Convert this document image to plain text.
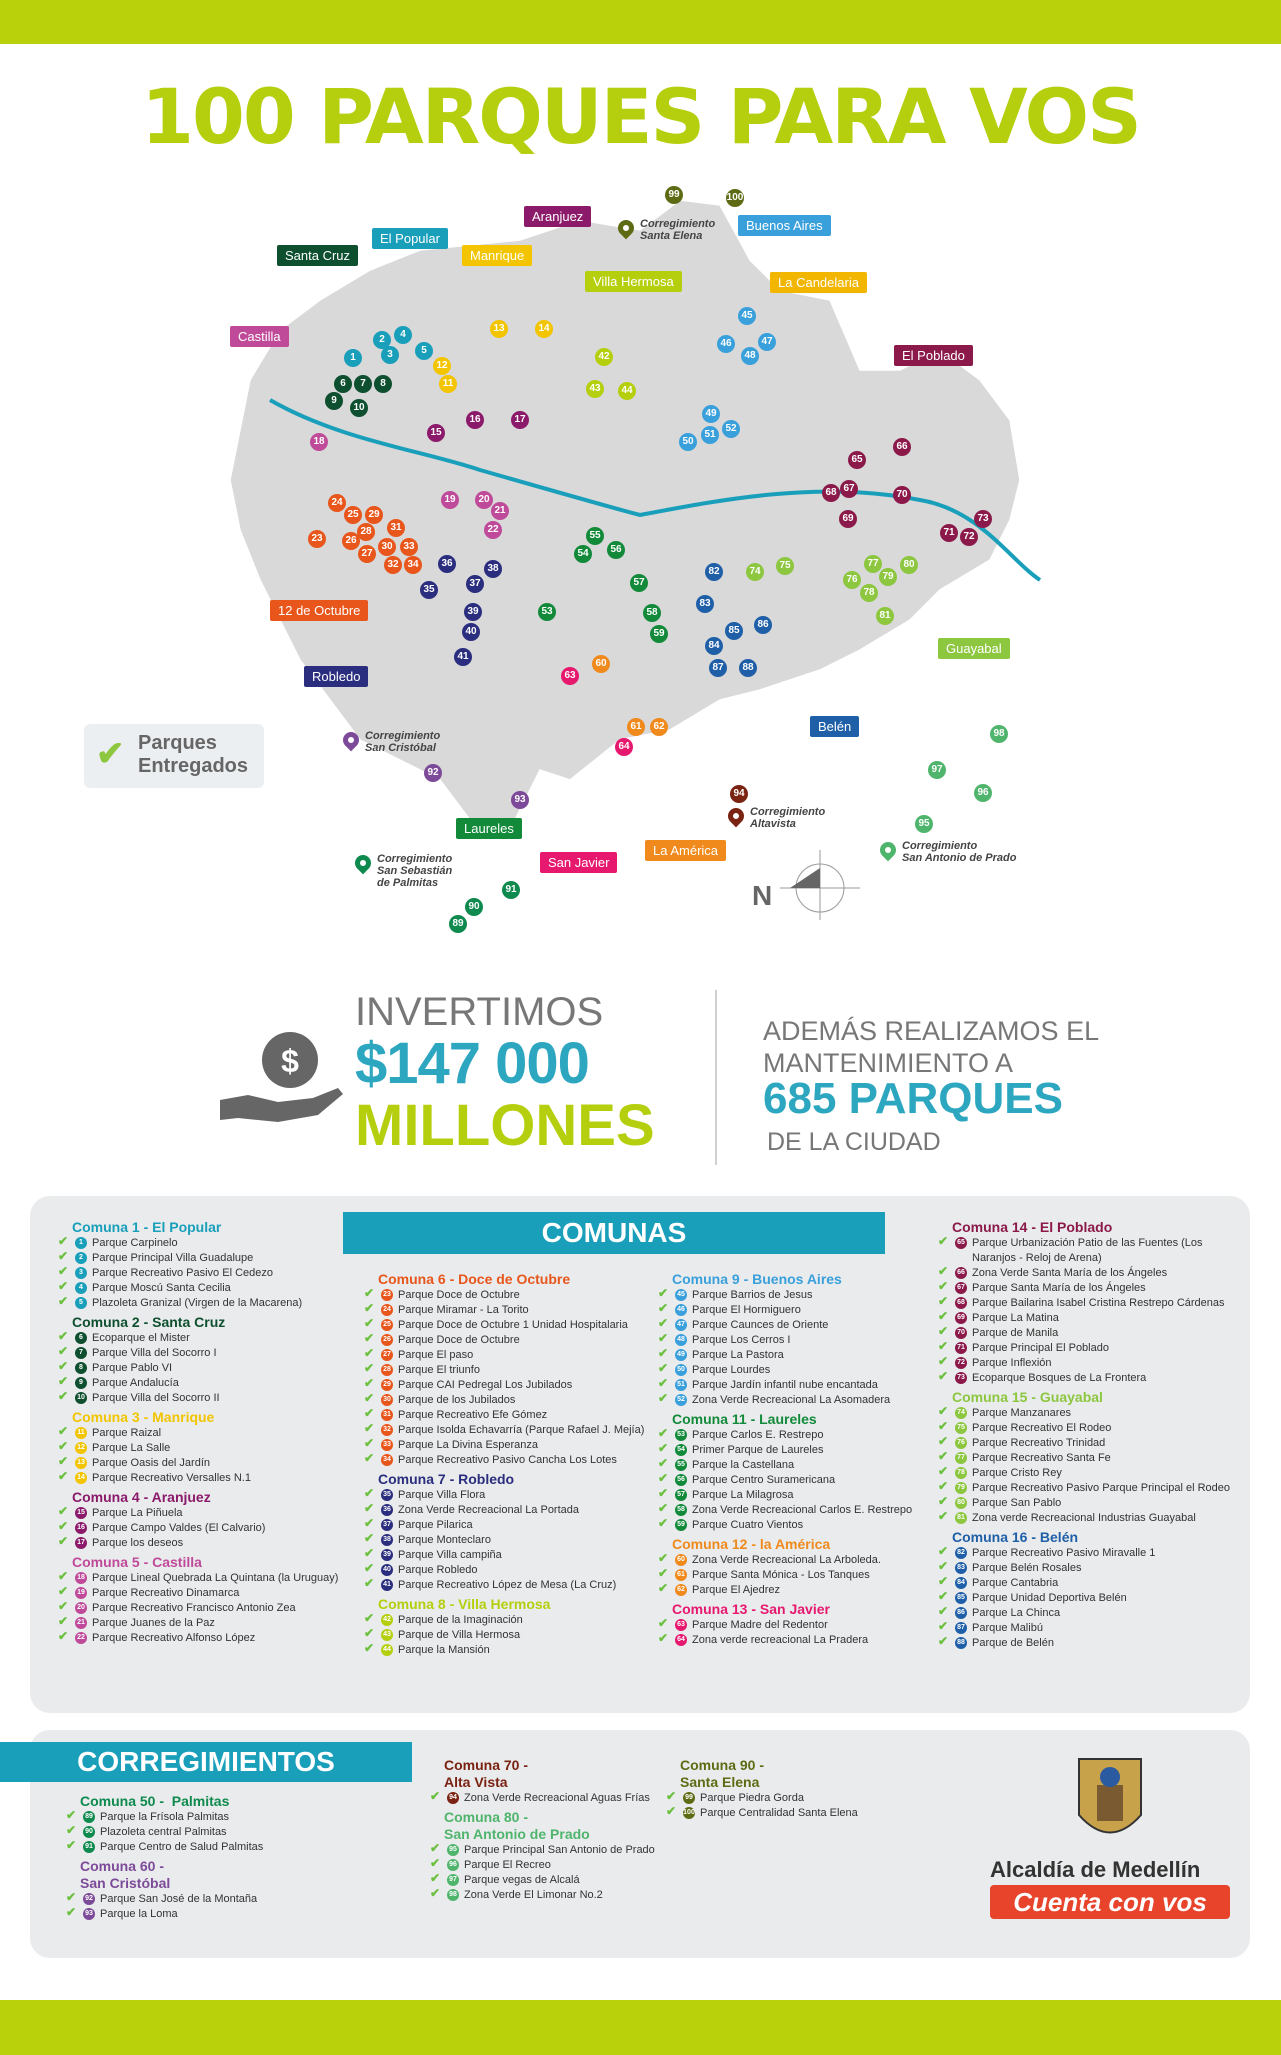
100 PARQUES PARA VOS
Aranjuez
El Popular
Santa Cruz	Manrique
Buenos Aires
Villa Hermosa	La Candelaria
Castilla
El Poblado
12 de Octubre
Guayabal
Robledo
Belén
Laureles
San Javier
La América
Corregimiento
Santa Elena
Corregimiento
San Cristóbal
Corregimiento
Altavista
Corregimiento
San Sebastián
de Palmitas
Corregimiento
San Antonio de Prado
1
2
3
4
5
6	7	8
9
10
11
12
13	14
15
16	17
18
19	20
21
22
23
24
25
26
27
28
29
30
31
32
33
34
35
36
37
38
39
40
41
42
43	44
45
46	47
48
49
50
51
52
53
54
55
56
57
58
59
60
61	62
63
64
65
66
67
68
69
70
71 72
73
74
75
76
77
78
79
80
81
82
83
84
85
86
87	88
89
90
91
92
93
94
95
96
97
98
99	100
✔ Parques
Entregados
N
$
INVERTIMOS
$147 000
MILLONES
ADEMÁS REALIZAMOS EL
MANTENIMIENTO A
685 PARQUES
DE LA CIUDAD
COMUNAS
Comuna 1 - El Popular
✔	1 Parque Carpinelo
✔	2 Parque Principal Villa Guadalupe
✔	3 Parque Recreativo Pasivo El Cedezo
✔	4 Parque Moscú Santa Cecilia
✔	5 Plazoleta Granizal (Virgen de la Macarena)
Comuna 2 - Santa Cruz
✔	6 Ecoparque el Mister
✔	7 Parque Villa del Socorro I
✔	8 Parque Pablo VI
✔	9 Parque Andalucía
✔ 10 Parque Villa del Socorro II
Comuna 3 - Manrique
✔	11 Parque Raizal
✔ 12 Parque La Salle
✔ 13 Parque Oasis del Jardín
✔ 14 Parque Recreativo Versalles N.1
Comuna 4 - Aranjuez
✔ 15 Parque La Piñuela
✔ 16 Parque Campo Valdes (El Calvario)
✔ 17 Parque los deseos
Comuna 5 - Castilla
✔ 18 Parque Lineal Quebrada La Quintana (la Uruguay)
✔ 19 Parque Recreativo Dinamarca
✔ 20 Parque Recreativo Francisco Antonio Zea
✔ 21 Parque Juanes de la Paz
✔ 22 Parque Recreativo Alfonso López
Comuna 6 - Doce de Octubre
✔ 23 Parque Doce de Octubre
✔ 24 Parque Miramar - La Torito
✔ 25 Parque Doce de Octubre 1 Unidad Hospitalaria
✔ 26 Parque Doce de Octubre
✔ 27 Parque El paso
✔ 28 Parque El triunfo
✔ 29 Parque CAI Pedregal Los Jubilados
✔ 30 Parque de los Jubilados
✔ 31 Parque Recreativo Efe Gómez
✔ 32 Parque Isolda Echavarría (Parque Rafael J. Mejía)
✔ 33 Parque La Divina Esperanza
✔ 34 Parque Recreativo Pasivo Cancha Los Lotes
Comuna 7 - Robledo
✔ 35 Parque Villa Flora
✔ 36 Zona Verde Recreacional La Portada
✔ 37 Parque Pilarica
✔ 38 Parque Monteclaro
✔ 39 Parque Villa campiña
✔ 40 Parque Robledo
✔ 41 Parque Recreativo López de Mesa (La Cruz)
Comuna 8 - Villa Hermosa
✔ 42 Parque de la Imaginación
✔ 43 Parque de Villa Hermosa
✔ 44 Parque la Mansión
Comuna 9 - Buenos Aires
✔ 45 Parque Barrios de Jesus
✔ 46 Parque El Hormiguero
✔ 47 Parque Caunces de Oriente
✔ 48 Parque Los Cerros I
✔ 49 Parque La Pastora
✔ 50 Parque Lourdes
✔ 51 Parque Jardín infantil nube encantada
✔ 52 Zona Verde Recreacional La Asomadera
Comuna 11 - Laureles
✔ 53 Parque Carlos E. Restrepo
✔ 54 Primer Parque de Laureles
✔ 55 Parque la Castellana
✔ 56 Parque Centro Suramericana
✔ 57 Parque La Milagrosa
✔ 58 Zona Verde Recreacional Carlos E. Restrepo
✔ 59 Parque Cuatro Vientos
Comuna 12 - la América
✔ 60 Zona Verde Recreacional La Arboleda.
✔ 61 Parque Santa Mónica - Los Tanques
✔ 62 Parque El Ajedrez
Comuna 13 - San Javier
✔ 63 Parque Madre del Redentor
✔ 64 Zona verde recreacional La Pradera
Comuna 14 - El Poblado
✔ 65 Parque Urbanización Patio de las Fuentes (Los Naranjos - Reloj de Arena)
✔ 66 Zona Verde Santa María de los Ángeles
✔ 67 Parque Santa María de los Ángeles
✔ 68 Parque Bailarina Isabel Cristina Restrepo Cárdenas
✔ 69 Parque La Matina
✔ 70 Parque de Manila
✔ 71 Parque Principal El Poblado
✔ 72 Parque Inflexión
✔ 73 Ecoparque Bosques de La Frontera
Comuna 15 - Guayabal
✔ 74 Parque Manzanares
✔ 75 Parque Recreativo El Rodeo
✔ 76 Parque Recreativo Trinidad
✔ 77 Parque Recreativo Santa Fe
✔ 78 Parque Cristo Rey
✔ 79 Parque Recreativo Pasivo Parque Principal el Rodeo
✔ 80 Parque San Pablo
✔ 81 Zona verde Recreacional Industrias Guayabal
Comuna 16 - Belén
✔ 82 Parque Recreativo Pasivo Miravalle 1
✔ 83 Parque Belén Rosales
✔ 84 Parque Cantabria
✔ 85 Parque Unidad Deportiva Belén
✔ 86 Parque La Chinca
✔ 87 Parque Malibú
✔ 88 Parque de Belén
CORREGIMIENTOS
Comuna 50 -  Palmitas
✔ 89 Parque la Frísola Palmitas
✔ 90 Plazoleta central Palmitas
✔ 91 Parque Centro de Salud Palmitas
Comuna 60 -
San Cristóbal
✔ 92 Parque San José de la Montaña
✔ 93 Parque la Loma
Comuna 70 -
Alta Vista
✔ 94 Zona Verde Recreacional Aguas Frías
Comuna 80 -
San Antonio de Prado
✔ 95 Parque Principal San Antonio de Prado
✔ 96 Parque El Recreo
✔ 97 Parque vegas de Alcalá
✔ 98 Zona Verde El Limonar No.2
Comuna 90 -
Santa Elena
✔ 99 Parque Piedra Gorda
✔ 100 Parque Centralidad Santa Elena
Alcaldía de Medellín
Cuenta con vos
